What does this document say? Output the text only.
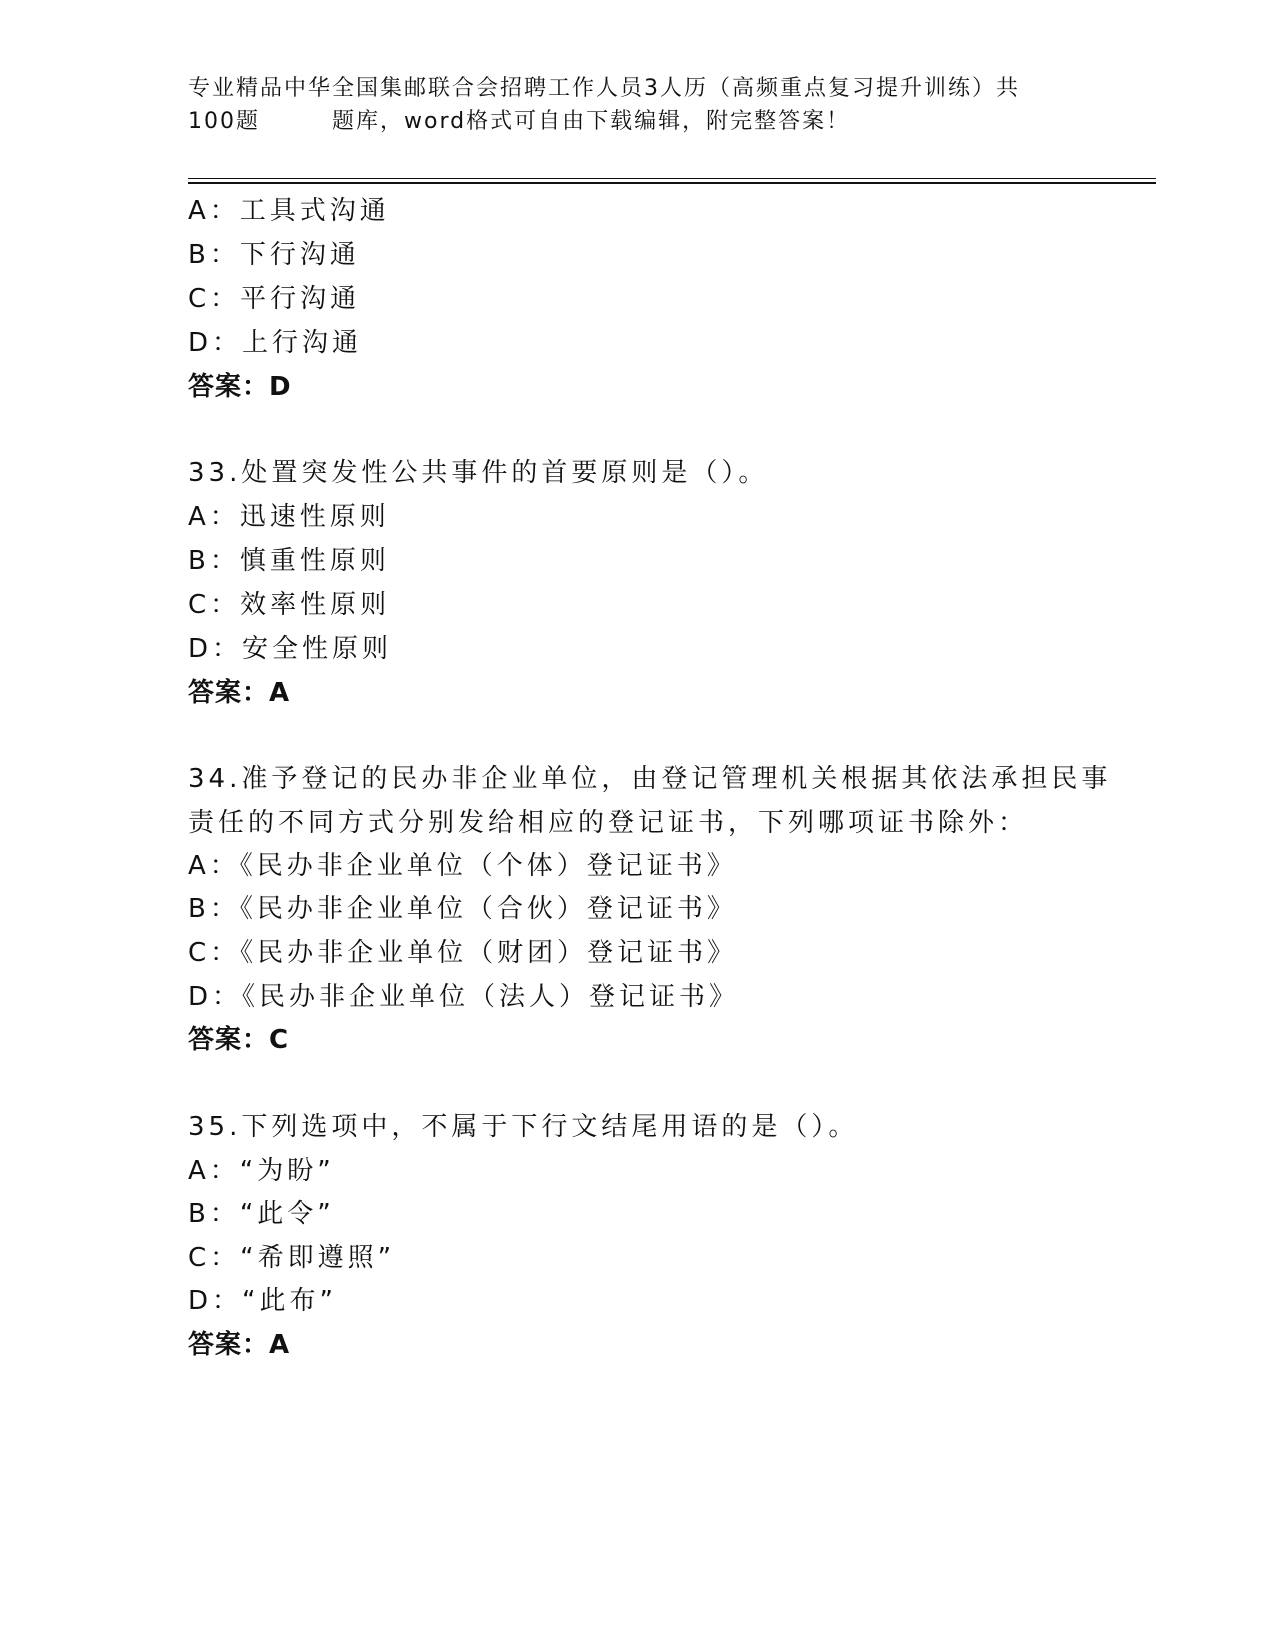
专业精品中华全国集邮联合会招聘工作人员3人历（高频重点复习提升训练）共
100题	题库，word格式可自由下载编辑，附完整答案！
A：工具式沟通
B：下行沟通
C：平行沟通
D：上行沟通
答案：D
33.处置突发性公共事件的首要原则是（）。
A：迅速性原则
B：慎重性原则
C：效率性原则
D：安全性原则
答案：A
34.准予登记的民办非企业单位，由登记管理机关根据其依法承担民事
责任的不同方式分别发给相应的登记证书，下列哪项证书除外：
A：《民办非企业单位（个体）登记证书》
B：《民办非企业单位（合伙）登记证书》
C：《民办非企业单位（财团）登记证书》
D：《民办非企业单位（法人）登记证书》
答案：C
35.下列选项中，不属于下行文结尾用语的是（）。
A：“为盼”
B：“此令”
C：“希即遵照”
D：“此布”
答案：A
